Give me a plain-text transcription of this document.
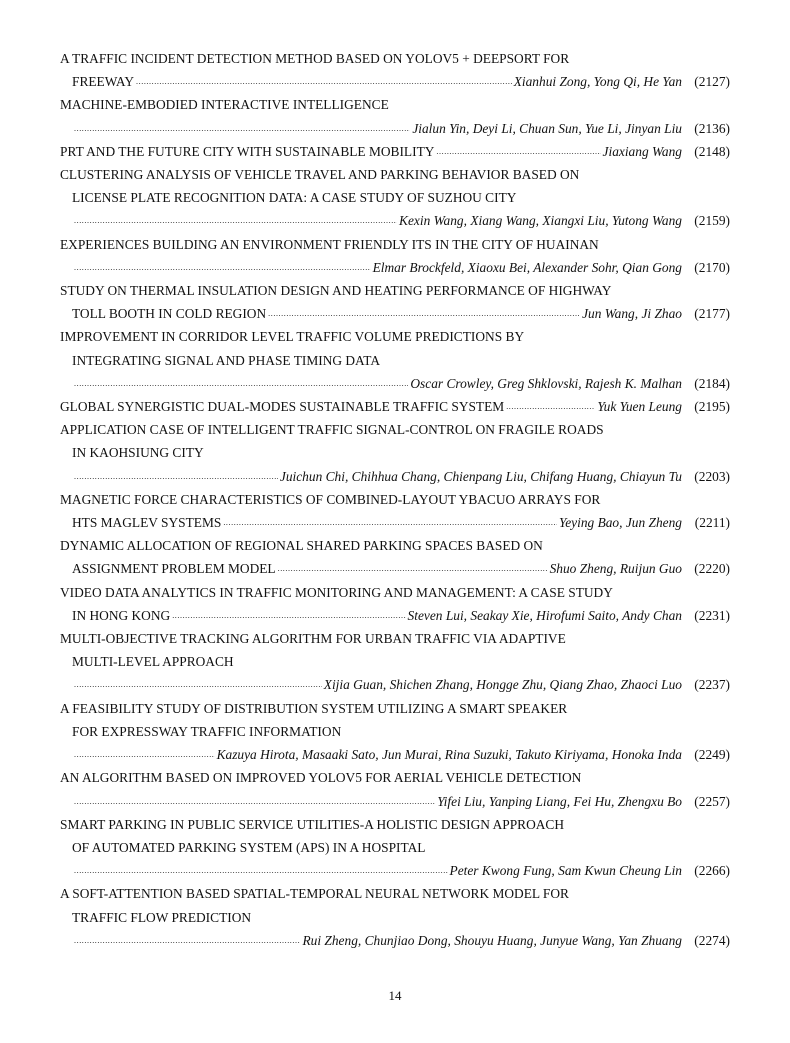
A TRAFFIC INCIDENT DETECTION METHOD BASED ON YOLOV5 + DEEPSORT FOR
FREEWAY .....	Xianhui Zong, Yong Qi, He Yan (2127)
MACHINE-EMBODIED INTERACTIVE INTELLIGENCE
.....
Jialun Yin, Deyi Li, Chuan Sun, Yue Li, Jinyan Liu (2136)
PRT AND THE FUTURE CITY WITH SUSTAINABLE MOBILITY .....	Jiaxiang Wang (2148)
CLUSTERING ANALYSIS OF VEHICLE TRAVEL AND PARKING BEHAVIOR BASED ON
LICENSE PLATE RECOGNITION DATA: A CASE STUDY OF SUZHOU CITY
.....
Kexin Wang, Xiang Wang, Xiangxi Liu, Yutong Wang (2159)
EXPERIENCES BUILDING AN ENVIRONMENT FRIENDLY ITS IN THE CITY OF HUAINAN
.....
Elmar Brockfeld, Xiaoxu Bei, Alexander Sohr, Qian Gong (2170)
STUDY ON THERMAL INSULATION DESIGN AND HEATING PERFORMANCE OF HIGHWAY
TOLL BOOTH IN COLD REGION .....	Jun Wang, Ji Zhao (2177)
IMPROVEMENT IN CORRIDOR LEVEL TRAFFIC VOLUME PREDICTIONS BY
INTEGRATING SIGNAL AND PHASE TIMING DATA
.....
Oscar Crowley, Greg Shklovski, Rajesh K. Malhan (2184)
GLOBAL SYNERGISTIC DUAL-MODES SUSTAINABLE TRAFFIC SYSTEM .....	Yuk Yuen Leung (2195)
APPLICATION CASE OF INTELLIGENT TRAFFIC SIGNAL-CONTROL ON FRAGILE ROADS
IN KAOHSIUNG CITY
.....
Juichun Chi, Chihhua Chang, Chienpang Liu, Chifang Huang, Chiayun Tu (2203)
MAGNETIC FORCE CHARACTERISTICS OF COMBINED-LAYOUT YBACUO ARRAYS FOR
HTS MAGLEV SYSTEMS .....	Yeying Bao, Jun Zheng (2211)
DYNAMIC ALLOCATION OF REGIONAL SHARED PARKING SPACES BASED ON
ASSIGNMENT PROBLEM MODEL .....	Shuo Zheng, Ruijun Guo (2220)
VIDEO DATA ANALYTICS IN TRAFFIC MONITORING AND MANAGEMENT: A CASE STUDY
IN HONG KONG .....	Steven Lui, Seakay Xie, Hirofumi Saito, Andy Chan (2231)
MULTI-OBJECTIVE TRACKING ALGORITHM FOR URBAN TRAFFIC VIA ADAPTIVE
MULTI-LEVEL APPROACH
.....
Xijia Guan, Shichen Zhang, Hongge Zhu, Qiang Zhao, Zhaoci Luo (2237)
A FEASIBILITY STUDY OF DISTRIBUTION SYSTEM UTILIZING A SMART SPEAKER
FOR EXPRESSWAY TRAFFIC INFORMATION
.....
Kazuya Hirota, Masaaki Sato, Jun Murai, Rina Suzuki, Takuto Kiriyama, Honoka Inda (2249)
AN ALGORITHM BASED ON IMPROVED YOLOV5 FOR AERIAL VEHICLE DETECTION
.....
Yifei Liu, Yanping Liang, Fei Hu, Zhengxu Bo (2257)
SMART PARKING IN PUBLIC SERVICE UTILITIES-A HOLISTIC DESIGN APPROACH
OF AUTOMATED PARKING SYSTEM (APS) IN A HOSPITAL
.....
Peter Kwong Fung, Sam Kwun Cheung Lin (2266)
A SOFT-ATTENTION BASED SPATIAL-TEMPORAL NEURAL NETWORK MODEL FOR
TRAFFIC FLOW PREDICTION
.....
Rui Zheng, Chunjiao Dong, Shouyu Huang, Junyue Wang, Yan Zhuang (2274)
14
